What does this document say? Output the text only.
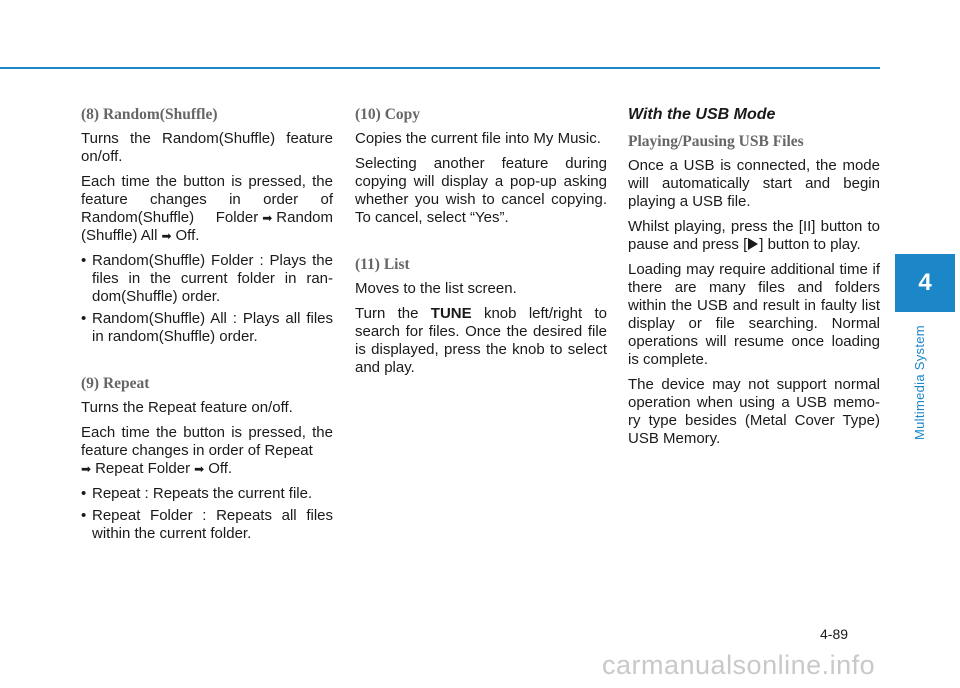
(8) Random(Shuffle)

Turns the Random(Shuffle) feature on/off.

Each time the button is pressed, the feature changes in order of Random(Shuffle) Folder ➡ Random (Shuffle) All ➡ Off.

• Random(Shuffle) Folder : Plays the files in the current folder in ran-dom(Shuffle) order.
• Random(Shuffle) All : Plays all files in random(Shuffle) order.
(9) Repeat

Turns the Repeat feature on/off.

Each time the button is pressed, the feature changes in order of Repeat
➡ Repeat Folder ➡ Off.

• Repeat : Repeats the current file.
• Repeat Folder : Repeats all files within the current folder.
(10) Copy

Copies the current file into My Music.

Selecting another feature during copying will display a pop-up asking whether you wish to cancel copying. To cancel, select “Yes”.

(11) List

Moves to the list screen.

Turn the TUNE knob left/right to search for files. Once the desired file is displayed, press the knob to select and play.

With the USB Mode
Playing/Pausing USB Files

Once a USB is connected, the mode will automatically start and begin playing a USB file.

Whilst playing, press the [II] button to pause and press [ ] button to play.

Loading may require additional time if there are many files and folders within the USB and result in faulty list display or file searching. Normal operations will resume once loading is complete.

The device may not support normal operation when using a USB memo-ry type besides (Metal Cover Type) USB Memory.

4
Multimedia System
4-89
carmanualsonline.info
